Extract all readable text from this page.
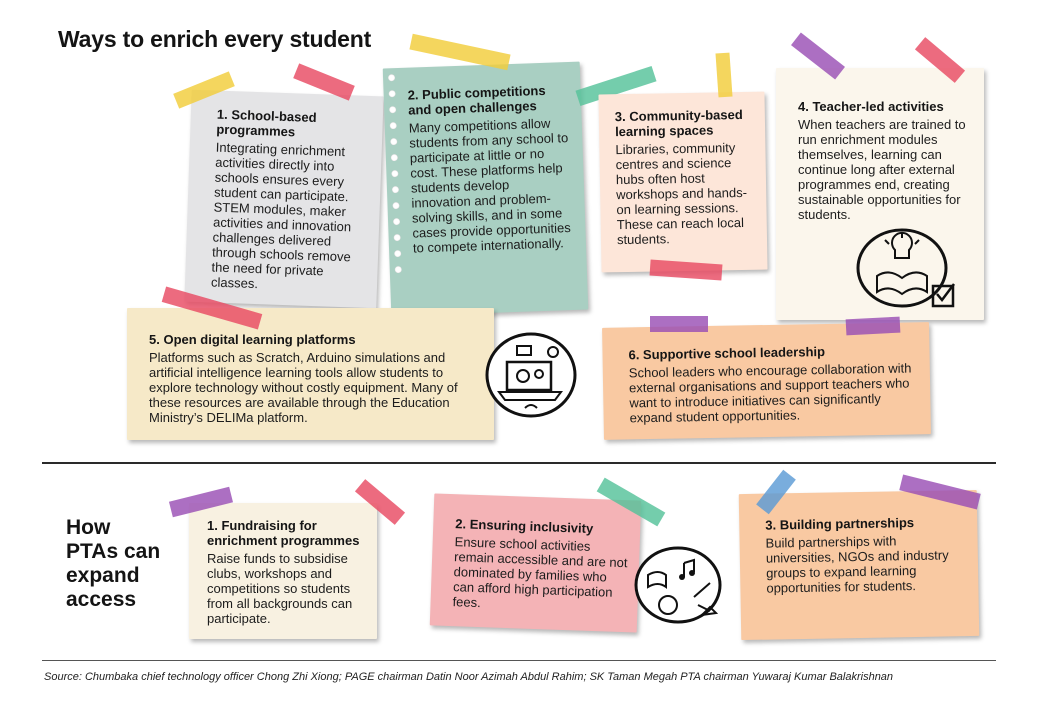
Ways to enrich every student
1. School-based programmes

Integrating enrichment activities directly into schools ensures every student can participate. STEM modules, maker activities and innovation challenges delivered through schools remove the need for private classes.

2. Public competitions and open challenges

Many competitions allow students from any school to participate at little or no cost. These platforms help students develop innovation and problem-solving skills, and in some cases provide opportunities to compete internationally.

3. Community-based learning spaces

Libraries, community centres and science hubs often host workshops and hands-on learning sessions. These can reach local students.

4. Teacher-led activities

When teachers are trained to run enrichment modules themselves, learning can continue long after external programmes end, creating sustainable opportunities for students.

5. Open digital learning platforms

Platforms such as Scratch, Arduino simulations and artificial intelligence learning tools allow students to explore technology without costly equipment. Many of these resources are available through the Education Ministry’s DELIMa platform.

6. Supportive school leadership

School leaders who encourage collaboration with external organisations and support teachers who want to introduce initiatives can significantly expand student opportunities.

How
PTAs can
expand
access
1. Fundraising for enrichment programmes

Raise funds to subsidise clubs, workshops and competitions so students from all backgrounds can participate.

2. Ensuring inclusivity

Ensure school activities remain accessible and are not dominated by families who can afford high participation fees.

3. Building partnerships

Build partnerships with universities, NGOs and industry groups to expand learning opportunities for students.

Source: Chumbaka chief technology officer Chong Zhi Xiong; PAGE chairman Datin Noor Azimah Abdul Rahim; SK Taman Megah PTA chairman Yuwaraj Kumar Balakrishnan
